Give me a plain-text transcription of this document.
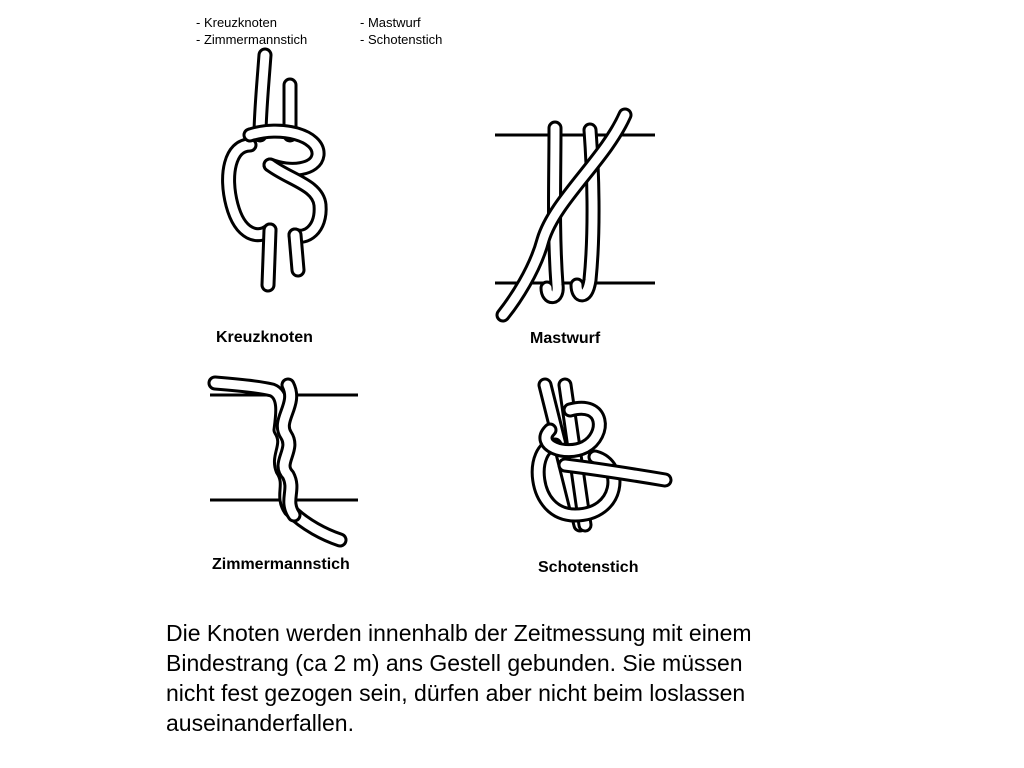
- Kreuzknoten
- Zimmermannstich
- Mastwurf
- Schotenstich
Kreuzknoten	Mastwurf
Zimmermannstich	Schotenstich
Die Knoten werden innenhalb der Zeitmessung mit einem
Bindestrang (ca 2 m) ans Gestell gebunden. Sie müssen
nicht fest gezogen sein, dürfen aber nicht beim loslassen
auseinanderfallen.
